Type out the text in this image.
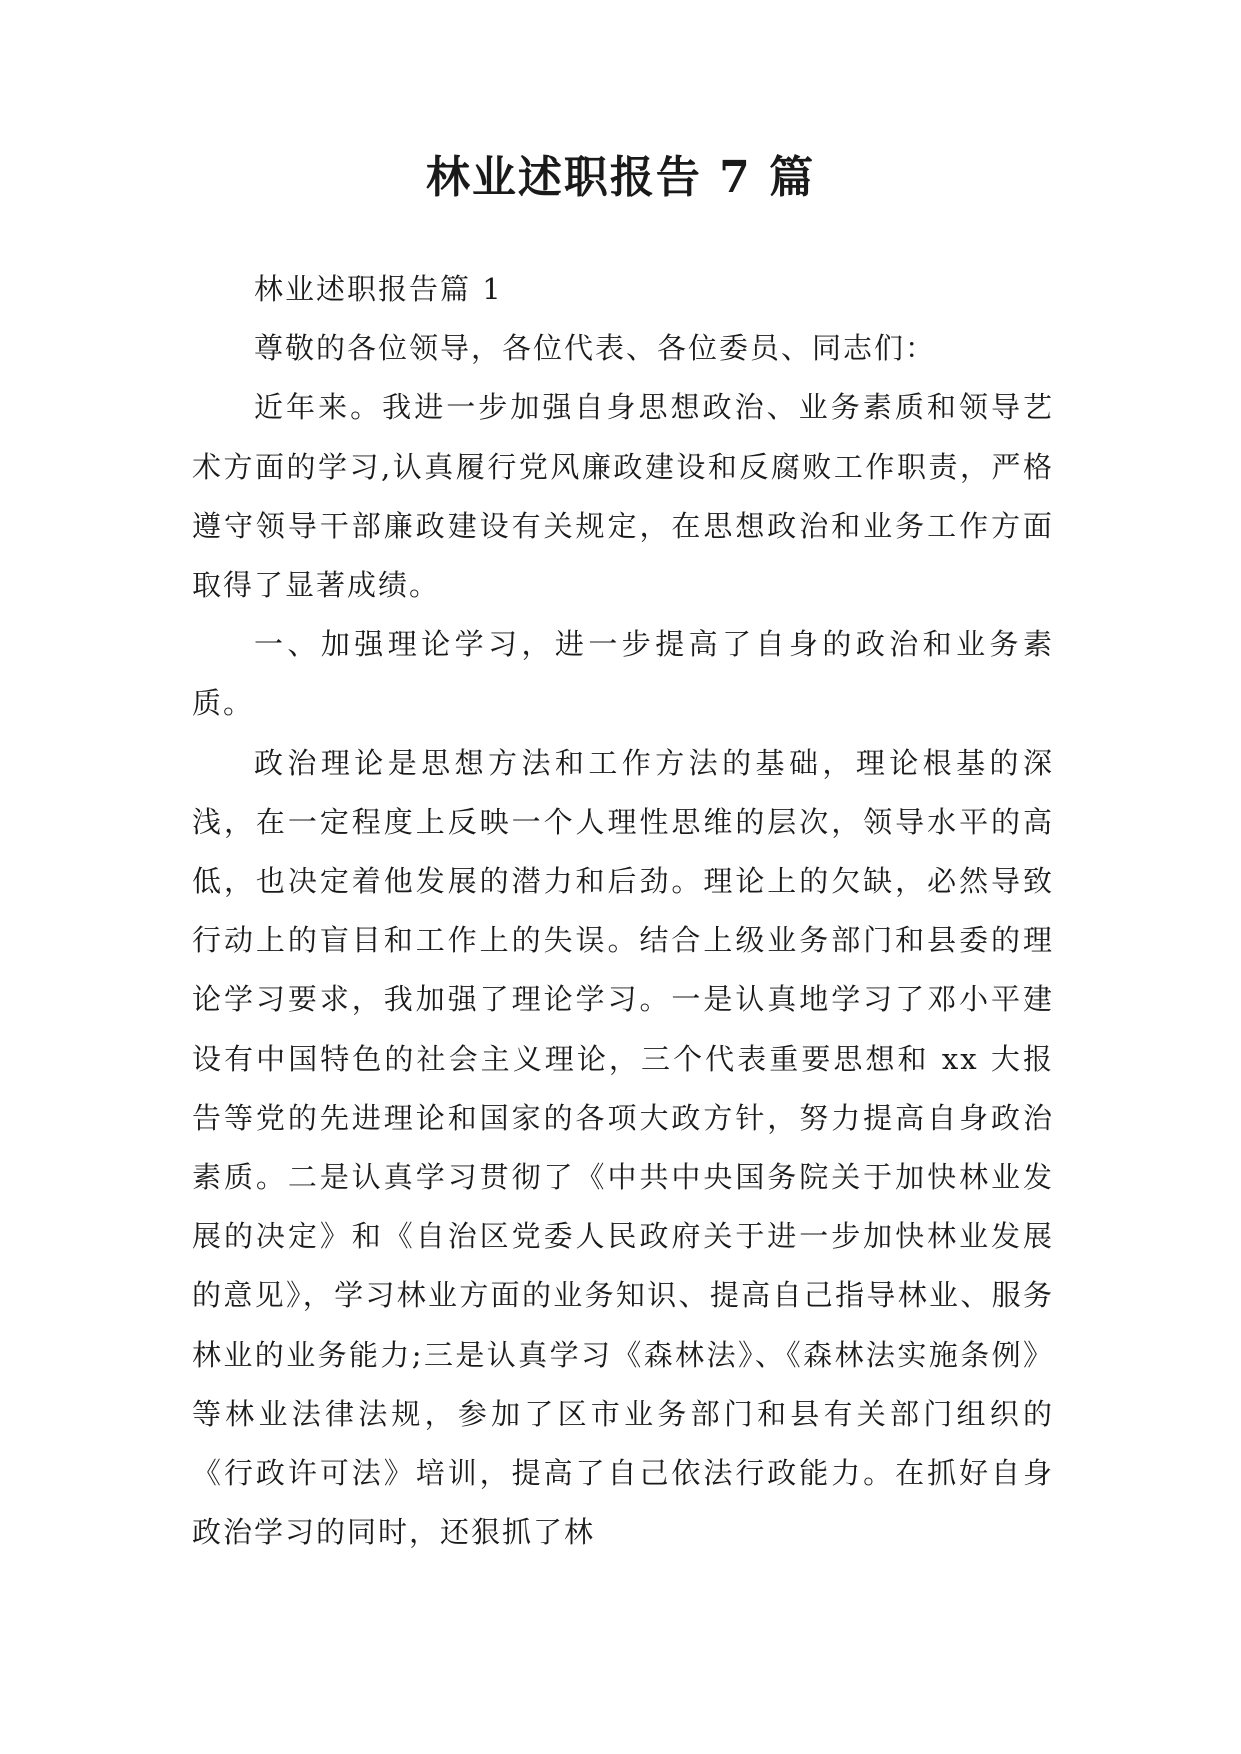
林业述职报告 7 篇

林业述职报告篇 1

尊敬的各位领导，各位代表、各位委员、同志们：

近年来。我进一步加强自身思想政治、业务素质和领导艺术方面的学习,认真履行党风廉政建设和反腐败工作职责，严格遵守领导干部廉政建设有关规定，在思想政治和业务工作方面取得了显著成绩。

一、加强理论学习，进一步提高了自身的政治和业务素质。

政治理论是思想方法和工作方法的基础，理论根基的深浅，在一定程度上反映一个人理性思维的层次，领导水平的高低，也决定着他发展的潜力和后劲。理论上的欠缺，必然导致行动上的盲目和工作上的失误。结合上级业务部门和县委的理论学习要求，我加强了理论学习。一是认真地学习了邓小平建设有中国特色的社会主义理论，三个代表重要思想和 xx 大报告等党的先进理论和国家的各项大政方针，努力提高自身政治素质。二是认真学习贯彻了《中共中央国务院关于加快林业发展的决定》和《自治区党委人民政府关于进一步加快林业发展的意见》，学习林业方面的业务知识、提高自己指导林业、服务林业的业务能力;三是认真学习《森林法》、《森林法实施条例》等林业法律法规，参加了区市业务部门和县有关部门组织的《行政许可法》培训，提高了自己依法行政能力。在抓好自身政治学习的同时，还狠抓了林
